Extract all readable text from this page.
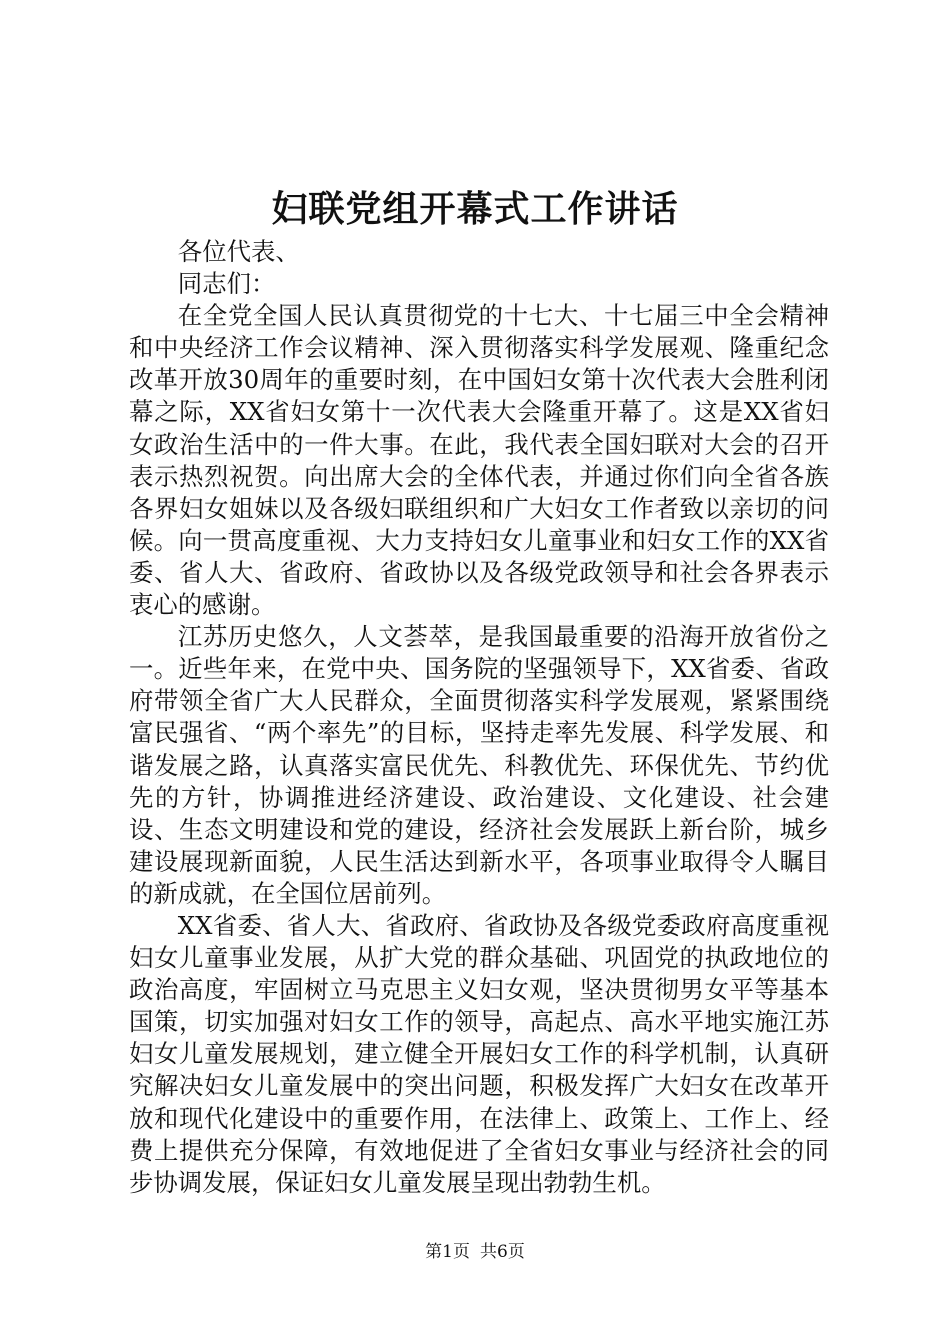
妇联党组开幕式工作讲话

各位代表、

同志们：

在全党全国人民认真贯彻党的十七大、十七届三中全会精神和中央经济工作会议精神、深入贯彻落实科学发展观、隆重纪念改革开放30周年的重要时刻，在中国妇女第十次代表大会胜利闭幕之际，XX省妇女第十一次代表大会隆重开幕了。这是XX省妇女政治生活中的一件大事。在此，我代表全国妇联对大会的召开表示热烈祝贺。向出席大会的全体代表，并通过你们向全省各族各界妇女姐妹以及各级妇联组织和广大妇女工作者致以亲切的问候。向一贯高度重视、大力支持妇女儿童事业和妇女工作的XX省委、省人大、省政府、省政协以及各级党政领导和社会各界表示衷心的感谢。

江苏历史悠久，人文荟萃，是我国最重要的沿海开放省份之一。近些年来，在党中央、国务院的坚强领导下，XX省委、省政府带领全省广大人民群众，全面贯彻落实科学发展观，紧紧围绕富民强省、“两个率先”的目标，坚持走率先发展、科学发展、和谐发展之路，认真落实富民优先、科教优先、环保优先、节约优先的方针，协调推进经济建设、政治建设、文化建设、社会建设、生态文明建设和党的建设，经济社会发展跃上新台阶，城乡建设展现新面貌，人民生活达到新水平，各项事业取得令人瞩目的新成就，在全国位居前列。

XX省委、省人大、省政府、省政协及各级党委政府高度重视妇女儿童事业发展，从扩大党的群众基础、巩固党的执政地位的政治高度，牢固树立马克思主义妇女观，坚决贯彻男女平等基本国策，切实加强对妇女工作的领导，高起点、高水平地实施江苏妇女儿童发展规划，建立健全开展妇女工作的科学机制，认真研究解决妇女儿童发展中的突出问题，积极发挥广大妇女在改革开放和现代化建设中的重要作用，在法律上、政策上、工作上、经费上提供充分保障，有效地促进了全省妇女事业与经济社会的同步协调发展，保证妇女儿童发展呈现出勃勃生机。

第1页 共6页
